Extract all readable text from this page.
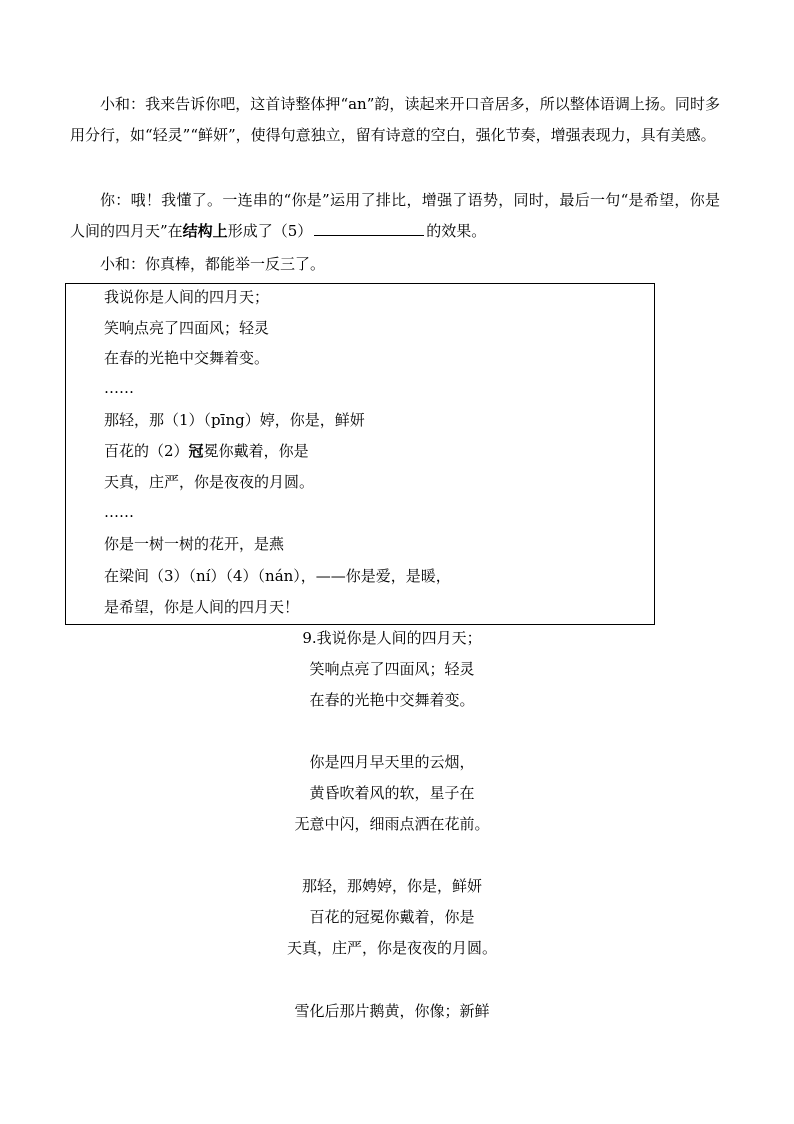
小和：我来告诉你吧，这首诗整体押“an”韵，读起来开口音居多，所以整体语调上扬。同时多用分行，如“轻灵”“鲜妍”，使得句意独立，留有诗意的空白，强化节奏，增强表现力，具有美感。

你：哦！我懂了。一连串的“你是”运用了排比，增强了语势，同时，最后一句“是希望，你是人间的四月天”在结构上形成了（5）	的效果。

小和：你真棒，都能举一反三了。

我说你是人间的四月天；
笑响点亮了四面风；轻灵
在春的光艳中交舞着变。
……
那轻，那（1）（pīng）婷，你是，鲜妍
百花的（2）冠冕你戴着，你是
天真，庄严，你是夜夜的月圆。
……
你是一树一树的花开，是燕
在梁间（3）（ní）（4）（nán），——你是爱，是暖，
是希望，你是人间的四月天！
9.我说你是人间的四月天；
笑响点亮了四面风；轻灵
在春的光艳中交舞着变。
你是四月早天里的云烟，
黄昏吹着风的软，星子在
无意中闪，细雨点洒在花前。
那轻，那娉婷，你是，鲜妍
百花的冠冕你戴着，你是
天真，庄严，你是夜夜的月圆。
雪化后那片鹅黄，你像；新鲜
